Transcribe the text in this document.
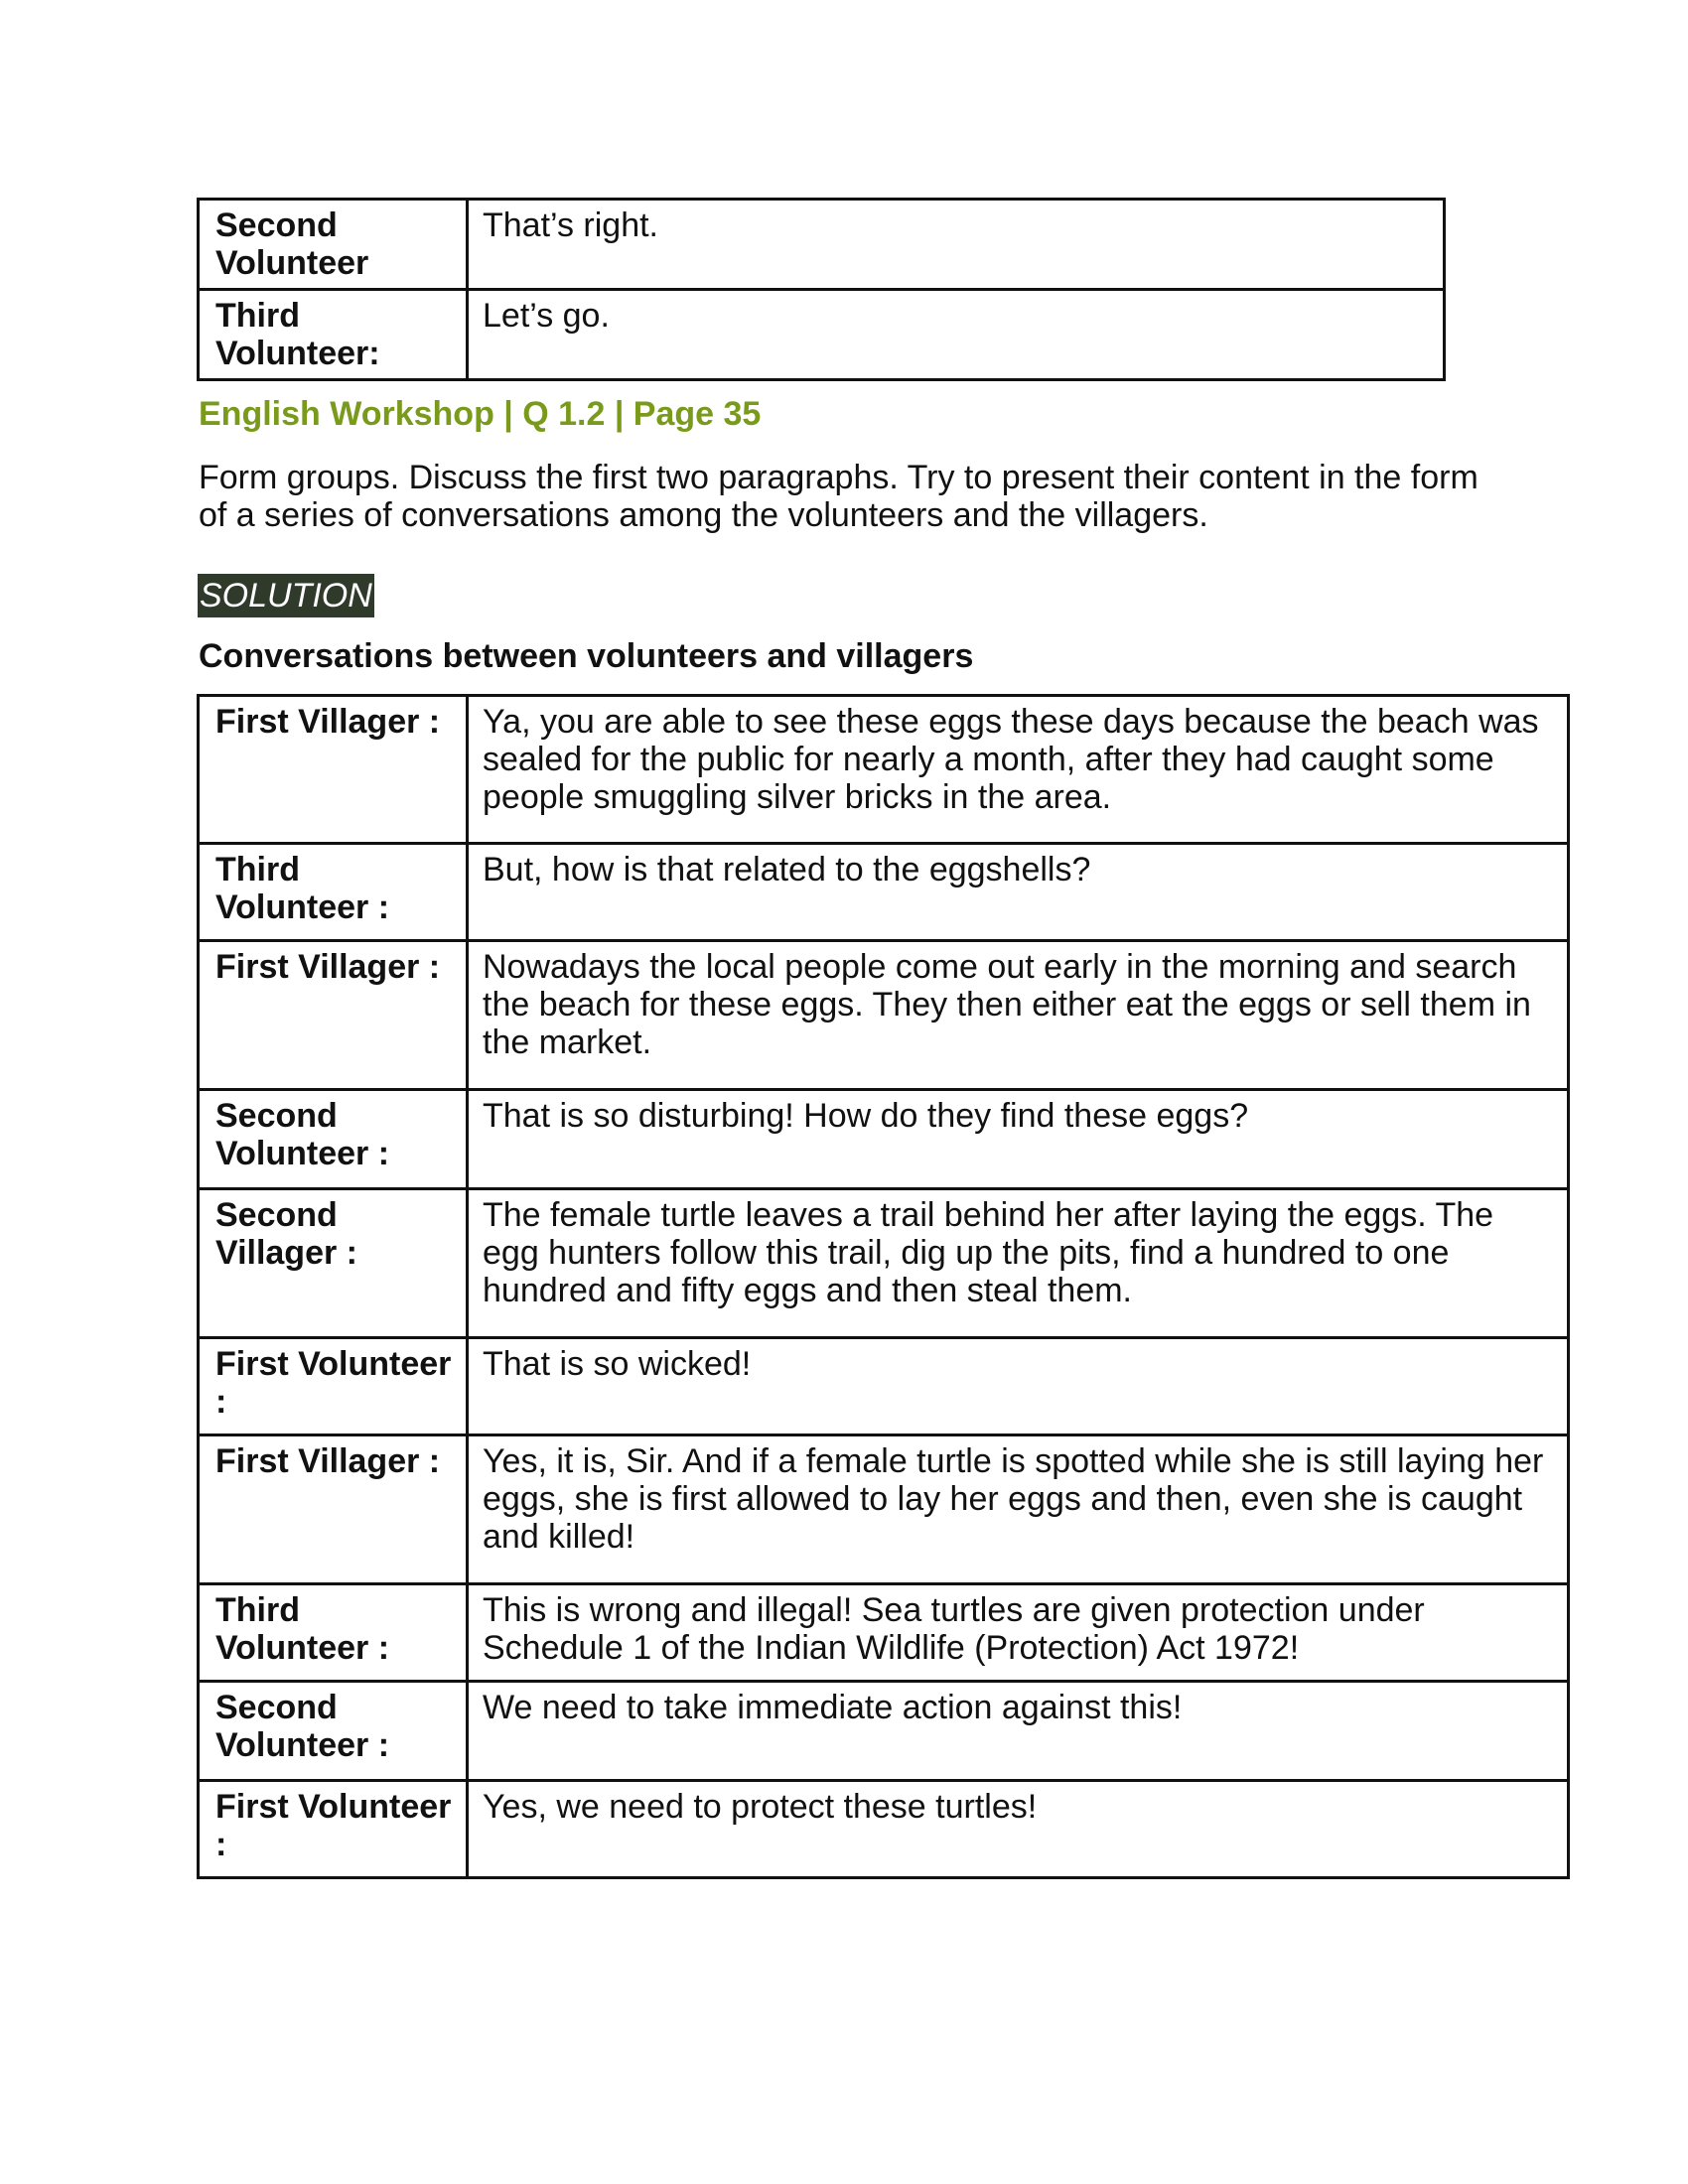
Second Volunteer	That’s right.
Third Volunteer:	Let’s go.
English Workshop | Q 1.2 | Page 35
Form groups. Discuss the first two paragraphs. Try to present their content in the form of a series of conversations among the volunteers and the villagers.
SOLUTION
Conversations between volunteers and villagers
First Villager :	Ya, you are able to see these eggs these days because the beach was sealed for the public for nearly a month, after they had caught some people smuggling silver bricks in the area.
Third Volunteer :	But, how is that related to the eggshells?
First Villager :	Nowadays the local people come out early in the morning and search the beach for these eggs. They then either eat the eggs or sell them in the market.
Second Volunteer :	That is so disturbing! How do they find these eggs?
Second Villager :	The female turtle leaves a trail behind her after laying the eggs. The egg hunters follow this trail, dig up the pits, find a hundred to one hundred and fifty eggs and then steal them.
First Volunteer :	That is so wicked!
First Villager :	Yes, it is, Sir. And if a female turtle is spotted while she is still laying her eggs, she is first allowed to lay her eggs and then, even she is caught and killed!
Third Volunteer :	This is wrong and illegal! Sea turtles are given protection under Schedule 1 of the Indian Wildlife (Protection) Act 1972!
Second Volunteer :	We need to take immediate action against this!
First Volunteer :	Yes, we need to protect these turtles!
